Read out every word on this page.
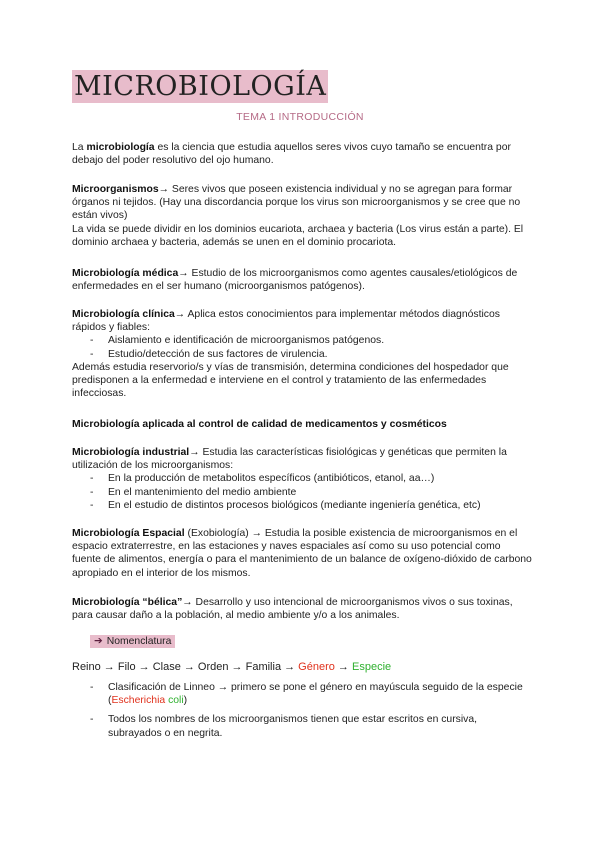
MICROBIOLOGÍA
TEMA 1 INTRODUCCIÓN

La microbiología es la ciencia que estudia aquellos seres vivos cuyo tamaño se encuentra por debajo del poder resolutivo del ojo humano.

Microorganismos→ Seres vivos que poseen existencia individual y no se agregan para formar órganos ni tejidos. (Hay una discordancia porque los virus son microorganismos y se cree que no están vivos)

La vida se puede dividir en los dominios eucariota, archaea y bacteria (Los virus están a parte). El dominio archaea y bacteria, además se unen en el dominio procariota.

Microbiología médica→ Estudio de los microorganismos como agentes causales/etiológicos de enfermedades en el ser humano (microorganismos patógenos).

Microbiología clínica→ Aplica estos conocimientos para implementar métodos diagnósticos rápidos y fiables:

- Aislamiento e identificación de microorganismos patógenos.
- Estudio/detección de sus factores de virulencia.

Además estudia reservorio/s y vías de transmisión, determina condiciones del hospedador que predisponen a la enfermedad e interviene en el control y tratamiento de las enfermedades infecciosas.

Microbiología aplicada al control de calidad de medicamentos y cosméticos

Microbiología industrial→ Estudia las características fisiológicas y genéticas que permiten la utilización de los microorganismos:

- En la producción de metabolitos específicos (antibióticos, etanol, aa…)
- En el mantenimiento del medio ambiente
- En el estudio de distintos procesos biológicos (mediante ingeniería genética, etc)

Microbiología Espacial (Exobiología) → Estudia la posible existencia de microorganismos en el espacio extraterrestre, en las estaciones y naves espaciales así como su uso potencial como fuente de alimentos, energía o para el mantenimiento de un balance de oxígeno-dióxido de carbono apropiado en el interior de los mismos.

Microbiología “bélica”→ Desarrollo y uso intencional de microorganismos vivos o sus toxinas, para causar daño a la población, al medio ambiente y/o a los animales.

➔ Nomenclatura
Reino → Filo → Clase → Orden → Familia → Género → Especie
- Clasificación de Linneo → primero se pone el género en mayúscula seguido de la especie (Escherichia coli)
- Todos los nombres de los microorganismos tienen que estar escritos en cursiva, subrayados o en negrita.
